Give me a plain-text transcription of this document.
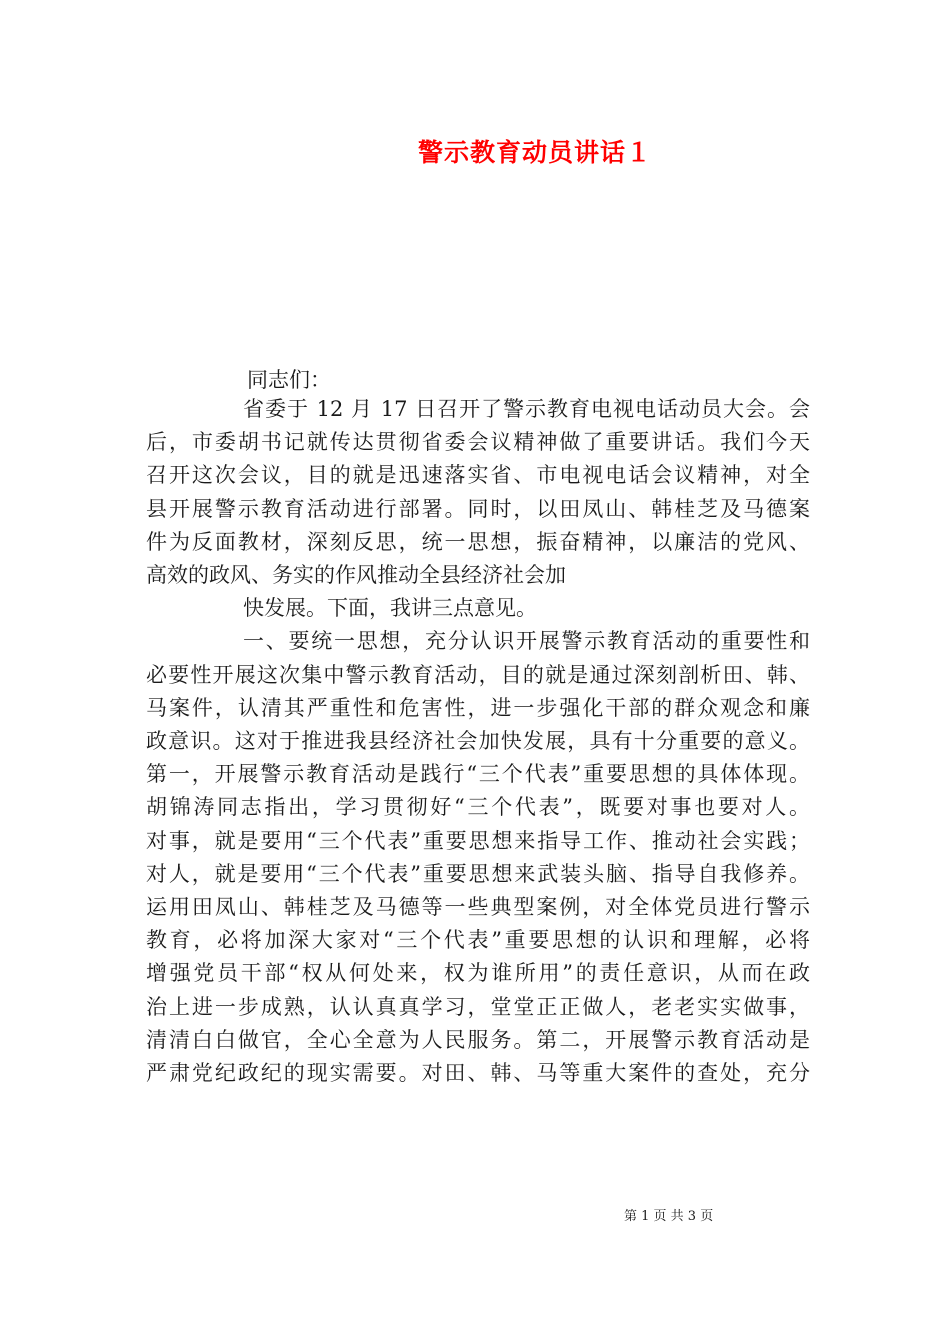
警示教育动员讲话１
同志们：

省委于 12 月 17 日召开了警示教育电视电话动员大会。会
后，市委胡书记就传达贯彻省委会议精神做了重要讲话。我们今天
召开这次会议，目的就是迅速落实省、市电视电话会议精神，对全
县开展警示教育活动进行部署。同时，以田凤山、韩桂芝及马德案
件为反面教材，深刻反思，统一思想，振奋精神，以廉洁的党风、
高效的政风、务实的作风推动全县经济社会加

快发展。下面，我讲三点意见。

一、要统一思想，充分认识开展警示教育活动的重要性和
必要性开展这次集中警示教育活动，目的就是通过深刻剖析田、韩、
马案件，认清其严重性和危害性，进一步强化干部的群众观念和廉
政意识。这对于推进我县经济社会加快发展，具有十分重要的意义。
第一，开展警示教育活动是践行“三个代表”重要思想的具体体现。
胡锦涛同志指出，学习贯彻好“三个代表”，既要对事也要对人。
对事，就是要用“三个代表”重要思想来指导工作、推动社会实践；
对人，就是要用“三个代表”重要思想来武装头脑、指导自我修养。
运用田凤山、韩桂芝及马德等一些典型案例，对全体党员进行警示
教育，必将加深大家对“三个代表”重要思想的认识和理解，必将
增强党员干部“权从何处来，权为谁所用”的责任意识，从而在政
治上进一步成熟，认认真真学习，堂堂正正做人，老老实实做事，
清清白白做官，全心全意为人民服务。第二，开展警示教育活动是
严肃党纪政纪的现实需要。对田、韩、马等重大案件的查处，充分

第 1 页 共 3 页
